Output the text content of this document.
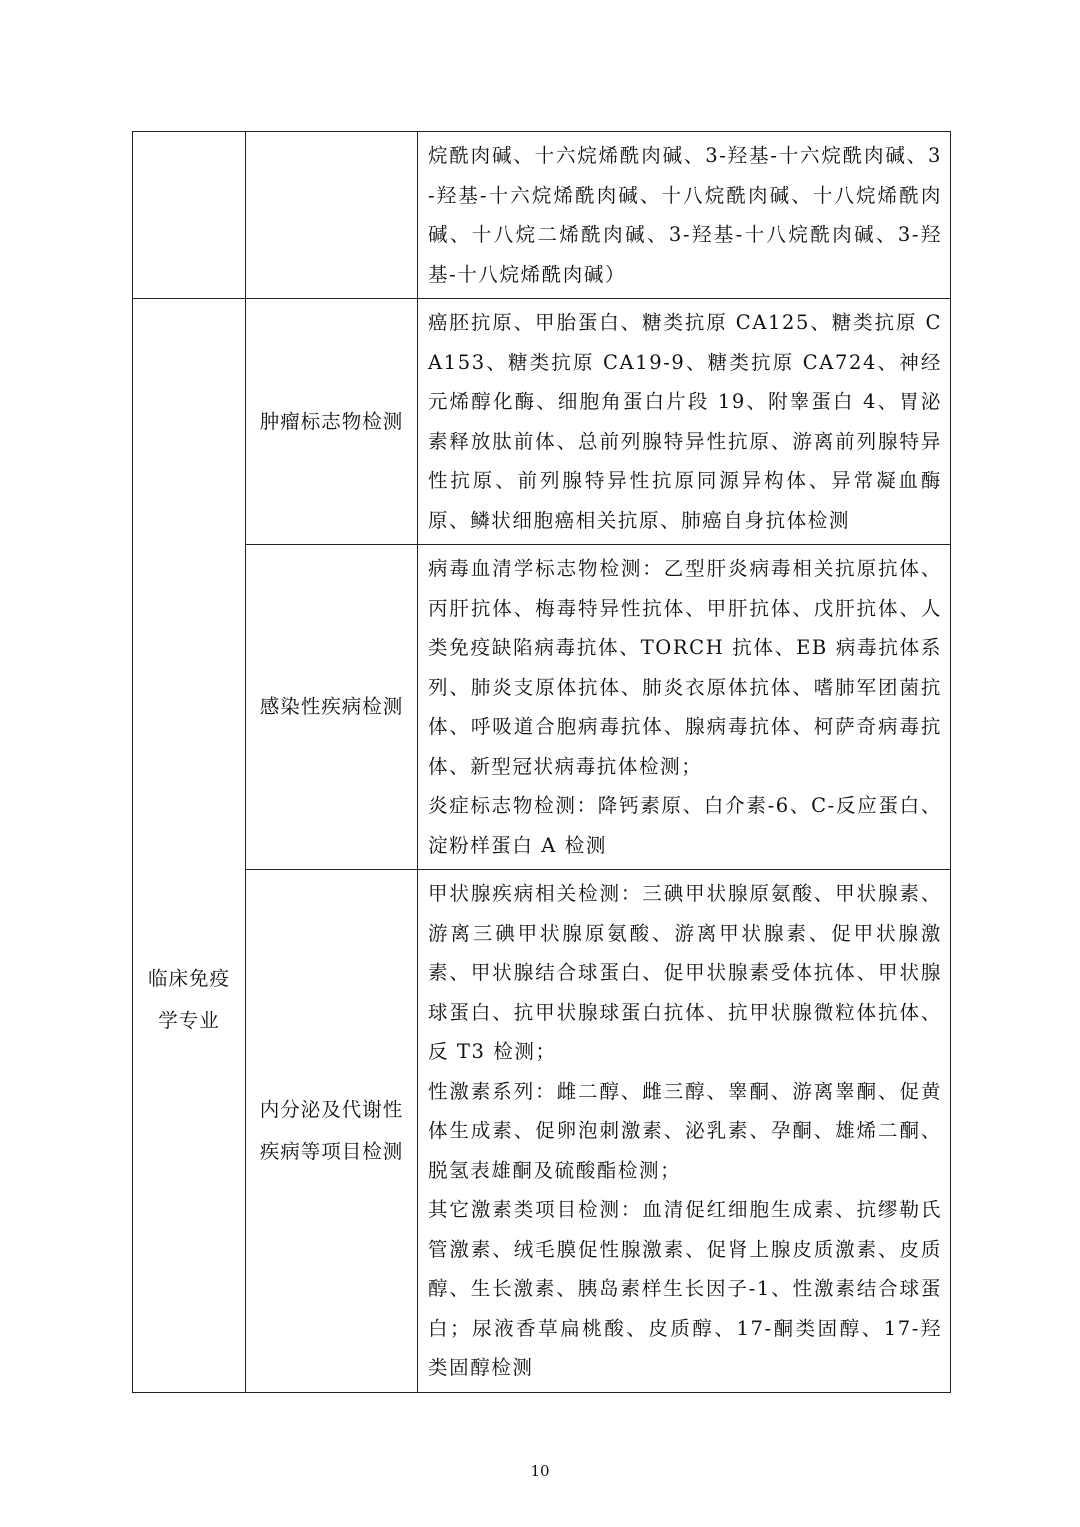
		烷酰肉碱、十六烷烯酰肉碱、3-羟基-十六烷酰肉碱、3-羟基-十六烷烯酰肉碱、十八烷酰肉碱、十八烷烯酰肉碱、十八烷二烯酰肉碱、3-羟基-十八烷酰肉碱、3-羟基-十八烷烯酰肉碱）

临床免疫学专业	肿瘤标志物检测	癌胚抗原、甲胎蛋白、糖类抗原 CA125、糖类抗原 CA153、糖类抗原 CA19-9、糖类抗原 CA724、神经元烯醇化酶、细胞角蛋白片段 19、附睾蛋白 4、胃泌素释放肽前体、总前列腺特异性抗原、游离前列腺特异性抗原、前列腺特异性抗原同源异构体、异常凝血酶原、鳞状细胞癌相关抗原、肺癌自身抗体检测

	感染性疾病检测	病毒血清学标志物检测：乙型肝炎病毒相关抗原抗体、丙肝抗体、梅毒特异性抗体、甲肝抗体、戊肝抗体、人类免疫缺陷病毒抗体、TORCH 抗体、EB 病毒抗体系列、肺炎支原体抗体、肺炎衣原体抗体、嗜肺军团菌抗体、呼吸道合胞病毒抗体、腺病毒抗体、柯萨奇病毒抗体、新型冠状病毒抗体检测；

炎症标志物检测：降钙素原、白介素-6、C-反应蛋白、淀粉样蛋白 A 检测

	内分泌及代谢性疾病等项目检测	甲状腺疾病相关检测：三碘甲状腺原氨酸、甲状腺素、游离三碘甲状腺原氨酸、游离甲状腺素、促甲状腺激素、甲状腺结合球蛋白、促甲状腺素受体抗体、甲状腺球蛋白、抗甲状腺球蛋白抗体、抗甲状腺微粒体抗体、反 T3 检测；

性激素系列：雌二醇、雌三醇、睾酮、游离睾酮、促黄体生成素、促卵泡刺激素、泌乳素、孕酮、雄烯二酮、脱氢表雄酮及硫酸酯检测；

其它激素类项目检测：血清促红细胞生成素、抗缪勒氏管激素、绒毛膜促性腺激素、促肾上腺皮质激素、皮质醇、生长激素、胰岛素样生长因子-1、性激素结合球蛋白；尿液香草扁桃酸、皮质醇、17-酮类固醇、17-羟类固醇检测

10
